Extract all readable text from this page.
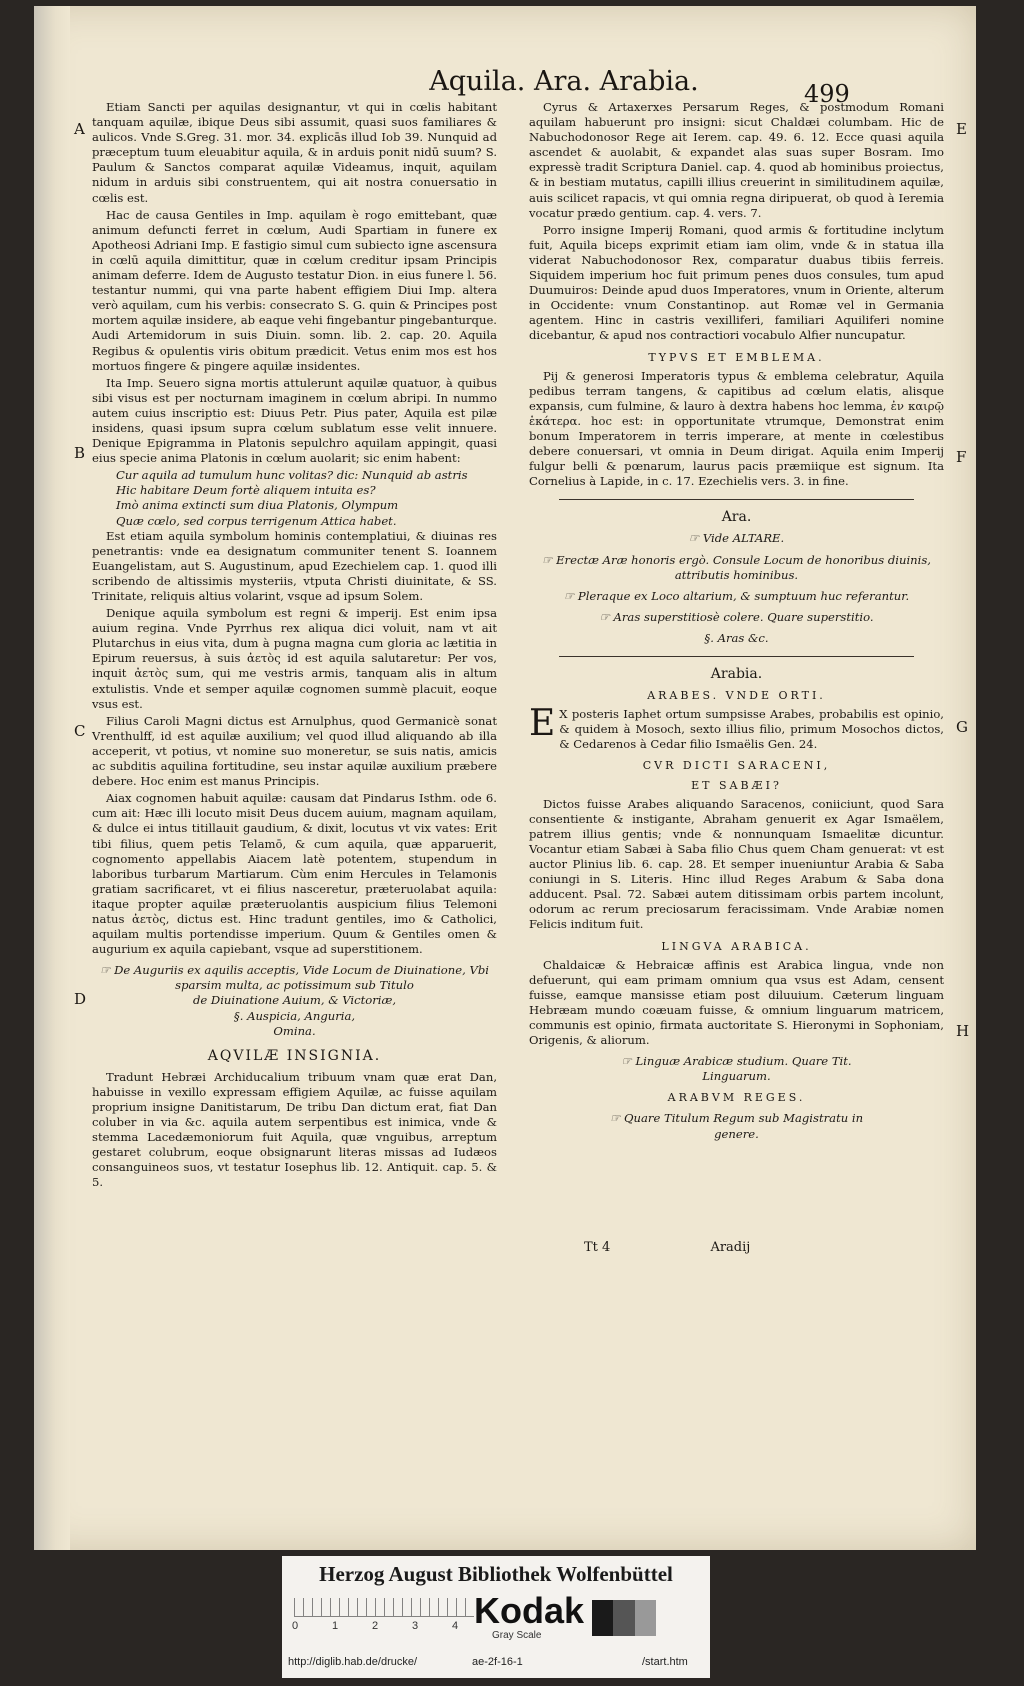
Aquila. Ara. Arabia.	499
A
B
C
D
E
F
G
H

Etiam Sancti per aquilas designantur, vt qui in cœlis habitant tanquam aquilæ, ibique Deus sibi assumit, quasi suos familiares & aulicos. Vnde S.Greg. 31. mor. 34. explicās illud Iob 39. Nunquid ad præceptum tuum eleuabitur aquila, & in arduis ponit nidū suum? S. Paulum & Sanctos comparat aquilæ Videamus, inquit, aquilam nidum in arduis sibi construentem, qui ait nostra conuersatio in cœlis est.

Hac de causa Gentiles in Imp. aquilam è rogo emittebant, quæ animum defuncti ferret in cœlum, Audi Spartiam in funere ex Apotheosi Adriani Imp. E fastigio simul cum subiecto igne ascensura in cœlū aquila dimittitur, quæ in cœlum creditur ipsam Principis animam deferre. Idem de Augusto testatur Dion. in eius funere l. 56. testantur nummi, qui vna parte habent effigiem Diui Imp. altera verò aquilam, cum his verbis: consecrato S. G. quin & Principes post mortem aquilæ insidere, ab eaque vehi fingebantur pingebanturque. Audi Artemidorum in suis Diuin. somn. lib. 2. cap. 20. Aquila Regibus & opulentis viris obitum prædicit. Vetus enim mos est hos mortuos fingere & pingere aquilæ insidentes.

Ita Imp. Seuero signa mortis attulerunt aquilæ quatuor, à quibus sibi visus est per nocturnam imaginem in cœlum abripi. In nummo autem cuius inscriptio est: Diuus Petr. Pius pater, Aquila est pilæ insidens, quasi ipsum supra cœlum sublatum esse velit innuere. Denique Epigramma in Platonis sepulchro aquilam appingit, quasi eius specie anima Platonis in cœlum auolarit; sic enim habent:

Cur aquila ad tumulum hunc volitas? dic: Nunquid ab astris
Hic habitare Deum fortè aliquem intuita es?
Imò anima extincti sum diua Platonis, Olympum
Quæ cœlo, sed corpus terrigenum Attica habet.

Est etiam aquila symbolum hominis contemplatiui, & diuinas res penetrantis: vnde ea designatum communiter tenent S. Ioannem Euangelistam, aut S. Augustinum, apud Ezechielem cap. 1. quod illi scribendo de altissimis mysteriis, vtputa Christi diuinitate, & SS. Trinitate, reliquis altius volarint, vsque ad ipsum Solem.

Denique aquila symbolum est regni & imperij. Est enim ipsa auium regina. Vnde Pyrrhus rex aliqua dici voluit, nam vt ait Plutarchus in eius vita, dum à pugna magna cum gloria ac lætitia in Epirum reuersus, à suis ἀετὸς id est aquila salutaretur: Per vos, inquit ἀετὸς sum, qui me vestris armis, tanquam alis in altum extulistis. Vnde et semper aquilæ cognomen summè placuit, eoque vsus est.

Filius Caroli Magni dictus est Arnulphus, quod Germanicè sonat Vrenthulff, id est aquilæ auxilium; vel quod illud aliquando ab illa acceperit, vt potius, vt nomine suo moneretur, se suis natis, amicis ac subditis aquilina fortitudine, seu instar aquilæ auxilium præbere debere. Hoc enim est manus Principis.

Aiax cognomen habuit aquilæ: causam dat Pindarus Isthm. ode 6. cum ait: Hæc illi locuto misit Deus ducem auium, magnam aquilam, & dulce ei intus titillauit gaudium, & dixit, locutus vt vix vates: Erit tibi filius, quem petis Telamō, & cum aquila, quæ apparuerit, cognomento appellabis Aiacem latè potentem, stupendum in laboribus turbarum Martiarum. Cùm enim Hercules in Telamonis gratiam sacrificaret, vt ei filius nasceretur, præteruolabat aquila: itaque propter aquilæ præteruolantis auspicium filius Telemoni natus ἀετὸς, dictus est. Hinc tradunt gentiles, imo & Catholici, aquilam multis portendisse imperium. Quum & Gentiles omen & augurium ex aquila capiebant, vsque ad superstitionem.

☞ De Auguriis ex aquilis acceptis, Vide Locum de Diuinatione, Vbi sparsim multa, ac potissimum sub Titulo
de Diuinatione Auium, & Victoriæ,
§. Auspicia, Anguria,
Omina.
AQVILÆ INSIGNIA.

Tradunt Hebræi Archiducalium tribuum vnam quæ erat Dan, habuisse in vexillo expressam effigiem Aquilæ, ac fuisse aquilam proprium insigne Danitistarum, De tribu Dan dictum erat, fiat Dan coluber in via &c. aquila autem serpentibus est inimica, vnde & stemma Lacedæmoniorum fuit Aquila, quæ vnguibus, arreptum gestaret colubrum, eoque obsignarunt literas missas ad Iudæos consanguineos suos, vt testatur Iosephus lib. 12. Antiquit. cap. 5. & 5.

Cyrus & Artaxerxes Persarum Reges, & postmodum Romani aquilam habuerunt pro insigni: sicut Chaldæi columbam. Hic de Nabuchodonosor Rege ait Ierem. cap. 49. 6. 12. Ecce quasi aquila ascendet & auolabit, & expandet alas suas super Bosram. Imo expressè tradit Scriptura Daniel. cap. 4. quod ab hominibus proiectus, & in bestiam mutatus, capilli illius creuerint in similitudinem aquilæ, auis scilicet rapacis, vt qui omnia regna diripuerat, ob quod à Ieremia vocatur prædo gentium. cap. 4. vers. 7.

Porro insigne Imperij Romani, quod armis & fortitudine inclytum fuit, Aquila biceps exprimit etiam iam olim, vnde & in statua illa viderat Nabuchodonosor Rex, comparatur duabus tibiis ferreis. Siquidem imperium hoc fuit primum penes duos consules, tum apud Duumuiros: Deinde apud duos Imperatores, vnum in Oriente, alterum in Occidente: vnum Constantinop. aut Romæ vel in Germania agentem. Hinc in castris vexilliferi, familiari Aquiliferi nominе dicebantur, & apud nos contractiori vocabulo Alfier nuncupatur.

TYPVS ET EMBLEMA.

Pij & generosi Imperatoris typus & emblema celebratur, Aquila pedibus terram tangens, & capitibus ad cœlum elatis, alisque expansis, cum fulmine, & lauro à dextra habens hoc lemma, ἐν καιρῷ ἑκάτερα. hoc est: in opportunitate vtrumque, Demonstrat enim bonum Imperatorem in terris imperare, at mente in cœlestibus debere conuersari, vt omnia in Deum dirigat. Aquila enim Imperij fulgur belli & pœnarum, laurus pacis præmiique est signum. Ita Cornelius à Lapide, in c. 17. Ezechielis vers. 3. in fine.

Ara.
☞ Vide ALTARE.
☞ Erectæ Aræ honoris ergò. Consule Locum de honoribus diuinis, attributis hominibus.
☞ Pleraque ex Loco altarium, & sumptuum huc referantur.
☞ Aras superstitiosè colere. Quare superstitio.
§. Aras &c.
Arabia.
ARABES. VNDE ORTI.

E X posteris Iaphet ortum sumpsisse Arabes, probabilis est opinio, & quidem à Mosoch, sexto illius filio, primum Mosochos dictos, & Cedarenos à Cedar filio Ismaëlis Gen. 24.

CVR DICTI SARACENI,
ET SABÆI?

Dictos fuisse Arabes aliquando Saracenos, coniiciunt, quod Sara consentiente & instigante, Abraham genuerit ex Agar Ismaëlem, patrem illius gentis; vnde & nonnunquam Ismaelitæ dicuntur. Vocantur etiam Sabæi à Saba filio Chus quem Cham genuerat: vt est auctor Plinius lib. 6. cap. 28. Et semper inueniuntur Arabia & Saba coniungi in S. Literis. Hinc illud Reges Arabum & Saba dona adducent. Psal. 72. Sabæi autem ditissimam orbis partem incolunt, odorum ac rerum preciosarum feracissimam. Vnde Arabiæ nomen Felicis inditum fuit.

LINGVA ARABICA.

Chaldaicæ & Hebraicæ affinis est Arabica lingua, vnde non defuerunt, qui eam primam omnium qua vsus est Adam, censent fuisse, eamque mansisse etiam post diluuium. Cæterum linguam Hebræam mundo coæuam fuisse, & omnium linguarum matricem, communis est opinio, firmata auctoritate S. Hieronymi in Sophoniam, Origenis, & aliorum.

☞ Linguæ Arabicæ studium. Quare Tit.
Linguarum.
ARABVM REGES.
☞ Quare Titulum Regum sub Magistratu in
genere.
Tt 4	Aradij
Herzog August Bibliothek Wolfenbüttel
0	1	2	3	4 Kodak
Gray Scale
http://diglib.hab.de/drucke/	ae-2f-16-1	/start.htm
